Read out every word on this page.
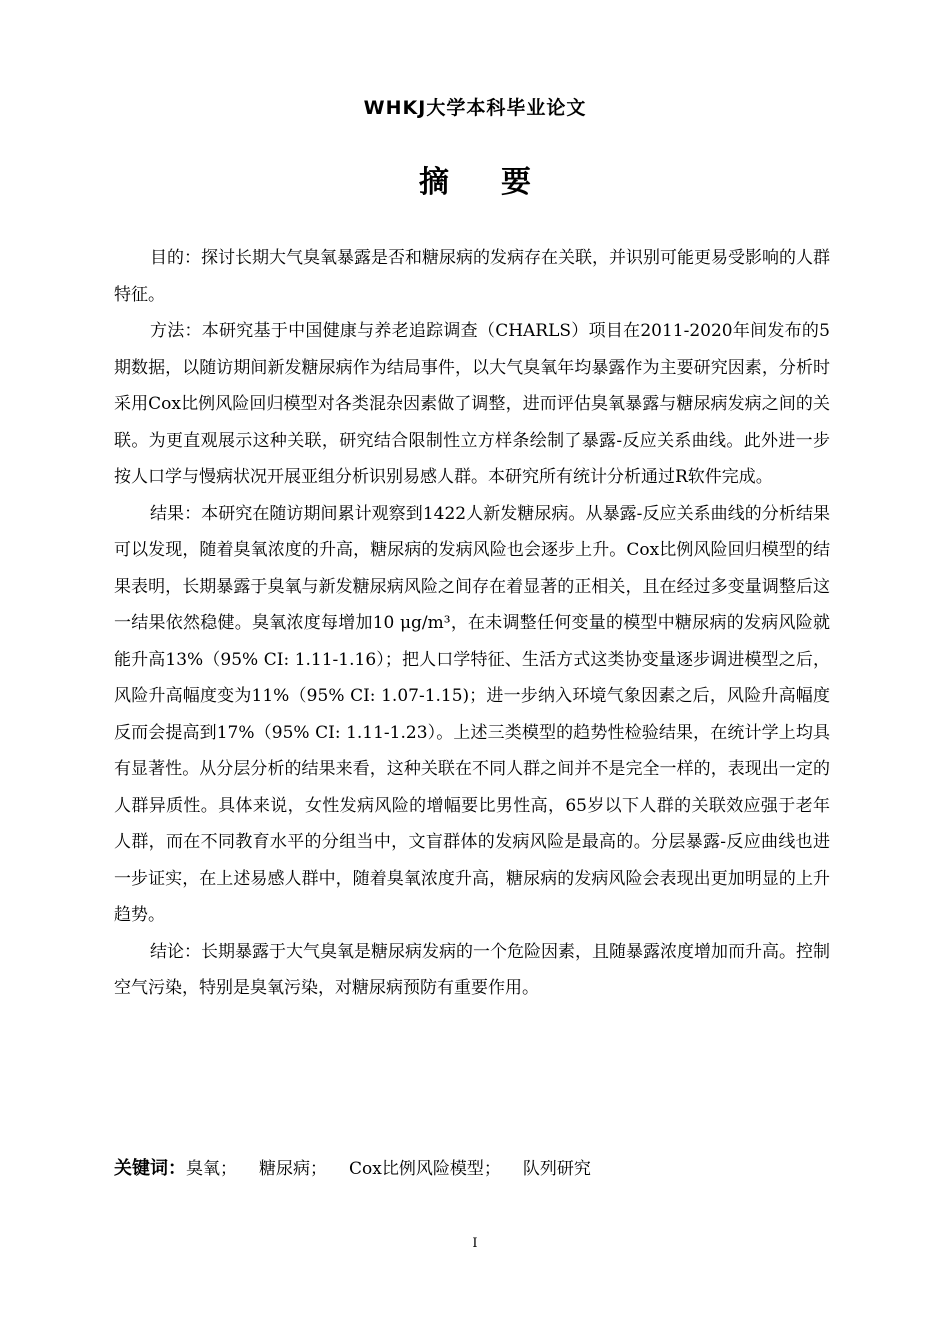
WHKJ大学本科毕业论文
摘要

目的：探讨长期大气臭氧暴露是否和糖尿病的发病存在关联，并识别可能更易受影响的人群特征。

方法：本研究基于中国健康与养老追踪调查（CHARLS）项目在2011-2020年间发布的5期数据，以随访期间新发糖尿病作为结局事件，以大气臭氧年均暴露作为主要研究因素，分析时采用Cox比例风险回归模型对各类混杂因素做了调整，进而评估臭氧暴露与糖尿病发病之间的关联。为更直观展示这种关联，研究结合限制性立方样条绘制了暴露-反应关系曲线。此外进一步按人口学与慢病状况开展亚组分析识别易感人群。本研究所有统计分析通过R软件完成。

结果：本研究在随访期间累计观察到1422人新发糖尿病。从暴露-反应关系曲线的分析结果可以发现，随着臭氧浓度的升高，糖尿病的发病风险也会逐步上升。Cox比例风险回归模型的结果表明，长期暴露于臭氧与新发糖尿病风险之间存在着显著的正相关，且在经过多变量调整后这一结果依然稳健。臭氧浓度每增加10 μg/m³，在未调整任何变量的模型中糖尿病的发病风险就能升高13%（95% CI: 1.11-1.16）；把人口学特征、生活方式这类协变量逐步调进模型之后，风险升高幅度变为11%（95% CI: 1.07-1.15)；进一步纳入环境气象因素之后，风险升高幅度反而会提高到17%（95% CI: 1.11-1.23）。上述三类模型的趋势性检验结果，在统计学上均具有显著性。从分层分析的结果来看，这种关联在不同人群之间并不是完全一样的，表现出一定的人群异质性。具体来说，女性发病风险的增幅要比男性高，65岁以下人群的关联效应强于老年人群，而在不同教育水平的分组当中，文盲群体的发病风险是最高的。分层暴露-反应曲线也进一步证实，在上述易感人群中，随着臭氧浓度升高，糖尿病的发病风险会表现出更加明显的上升趋势。

结论：长期暴露于大气臭氧是糖尿病发病的一个危险因素，且随暴露浓度增加而升高。控制空气污染，特别是臭氧污染，对糖尿病预防有重要作用。

关键词：臭氧； 糖尿病； Cox比例风险模型； 队列研究
I
